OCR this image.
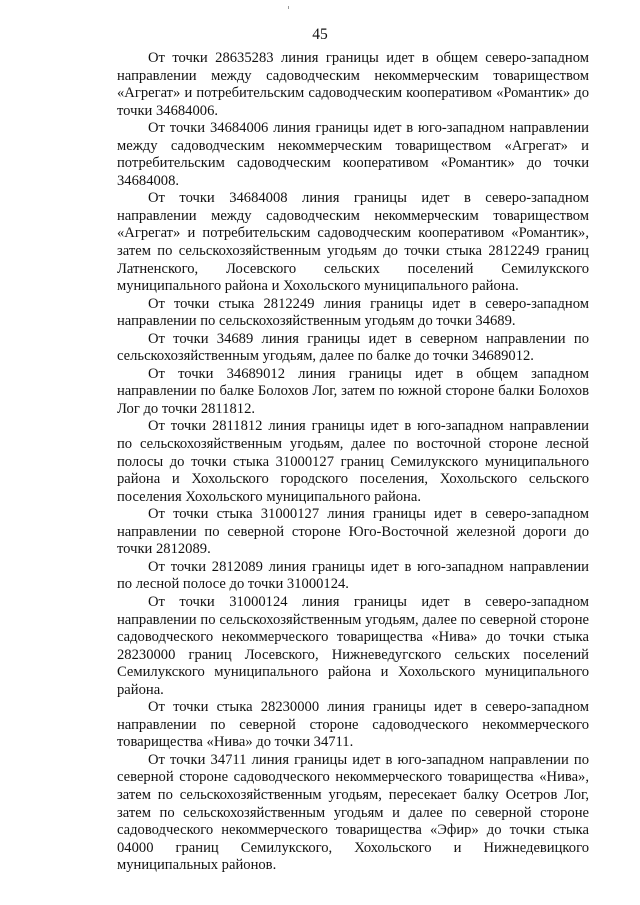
45

От точки 28635283 линия границы идет в общем северо-западном направлении между садоводческим некоммерческим товариществом «Агрегат» и потребительским садоводческим кооперативом «Романтик» до точки 34684006.

От точки 34684006 линия границы идет в юго-западном направлении между садоводческим некоммерческим товариществом «Агрегат» и потребительским садоводческим кооперативом «Романтик» до точки 34684008.

От точки 34684008 линия границы идет в северо-западном направлении между садоводческим некоммерческим товариществом «Агрегат» и потребительским садоводческим кооперативом «Романтик», затем по сельскохозяйственным угодьям до точки стыка 2812249 границ Латненского, Лосевского сельских поселений Семилукского муниципального района и Хохольского муниципального района.

От точки стыка 2812249 линия границы идет в северо-западном направлении по сельскохозяйственным угодьям до точки 34689.

От точки 34689 линия границы идет в северном направлении по сельскохозяйственным угодьям, далее по балке до точки 34689012.

От точки 34689012 линия границы идет в общем западном направлении по балке Болохов Лог, затем по южной стороне балки Болохов Лог до точки 2811812.

От точки 2811812 линия границы идет в юго-западном направлении по сельскохозяйственным угодьям, далее по восточной стороне лесной полосы до точки стыка 31000127 границ Семилукского муниципального района и Хохольского городского поселения, Хохольского сельского поселения Хохольского муниципального района.

От точки стыка 31000127 линия границы идет в северо-западном направлении по северной стороне Юго-Восточной железной дороги до точки 2812089.

От точки 2812089 линия границы идет в юго-западном направлении по лесной полосе до точки 31000124.

От точки 31000124 линия границы идет в северо-западном направлении по сельскохозяйственным угодьям, далее по северной стороне садоводческого некоммерческого товарищества «Нива» до точки стыка 28230000 границ Лосевского, Нижневедугского сельских поселений Семилукского муниципального района и Хохольского муниципального района.

От точки стыка 28230000 линия границы идет в северо-западном направлении по северной стороне садоводческого некоммерческого товарищества «Нива» до точки 34711.

От точки 34711 линия границы идет в юго-западном направлении по северной стороне садоводческого некоммерческого товарищества «Нива», затем по сельскохозяйственным угодьям, пересекает балку Осетров Лог, затем по сельскохозяйственным угодьям и далее по северной стороне садоводческого некоммерческого товарищества «Эфир» до точки стыка 04000 границ Семилукского, Хохольского и Нижнедевицкого муниципальных районов.
